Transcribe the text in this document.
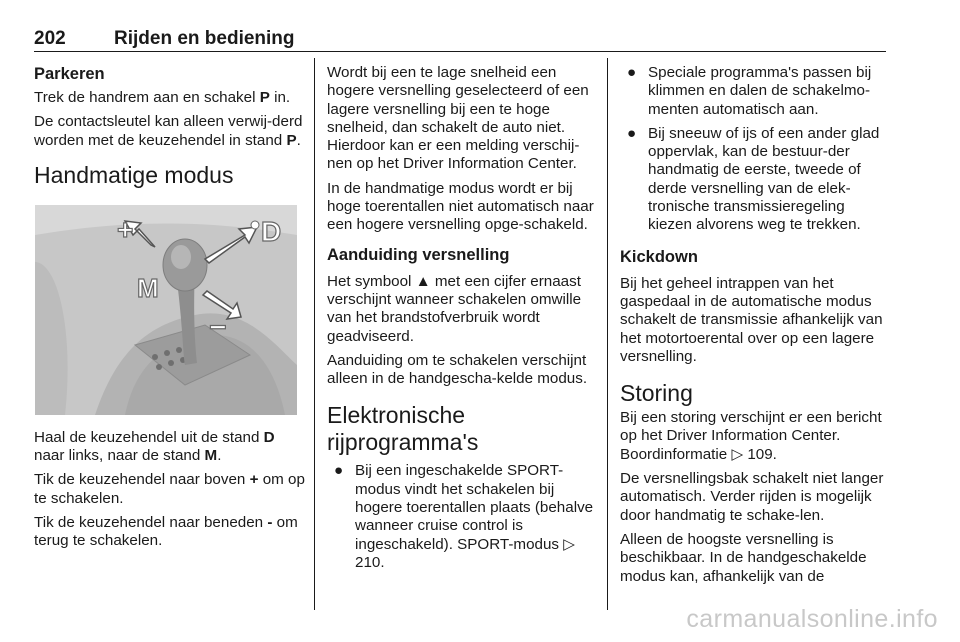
202	Rijden en bediening
Parkeren

Trek de handrem aan en schakel P in.

De contactsleutel kan alleen verwij-derd worden met de keuzehendel in stand P.

Handmatige modus
+	D
M
−

Haal de keuzehendel uit de stand D naar links, naar de stand M.

Tik de keuzehendel naar boven + om op te schakelen.

Tik de keuzehendel naar beneden - om terug te schakelen.

Wordt bij een te lage snelheid een hogere versnelling geselecteerd of een lagere versnelling bij een te hoge snelheid, dan schakelt de auto niet. Hierdoor kan er een melding verschij-nen op het Driver Information Center.

In de handmatige modus wordt er bij hoge toerentallen niet automatisch naar een hogere versnelling opge-schakeld.

Aanduiding versnelling

Het symbool ▲ met een cijfer ernaast verschijnt wanneer schakelen omwille van het brandstofverbruik wordt geadviseerd.

Aanduiding om te schakelen verschijnt alleen in de handgescha-kelde modus.

Elektronische
rijprogramma's
● Bij een ingeschakelde SPORT-modus vindt het schakelen bij hogere toerentallen plaats (behalve wanneer cruise control is ingeschakeld). SPORT-modus ▷ 210.
● Speciale programma's passen bij klimmen en dalen de schakelmo-menten automatisch aan.
● Bij sneeuw of ijs of een ander glad oppervlak, kan de bestuur-der handmatig de eerste, tweede of derde versnelling van de elek-tronische transmissieregeling kiezen alvorens weg te trekken.
Kickdown

Bij het geheel intrappen van het gaspedaal in de automatische modus schakelt de transmissie afhankelijk van het motortoerental over op een lagere versnelling.

Storing

Bij een storing verschijnt er een bericht op het Driver Information Center. Boordinformatie ▷ 109.

De versnellingsbak schakelt niet langer automatisch. Verder rijden is mogelijk door handmatig te schake-len.

Alleen de hoogste versnelling is beschikbaar. In de handgeschakelde modus kan, afhankelijk van de

carmanualsonline.info
